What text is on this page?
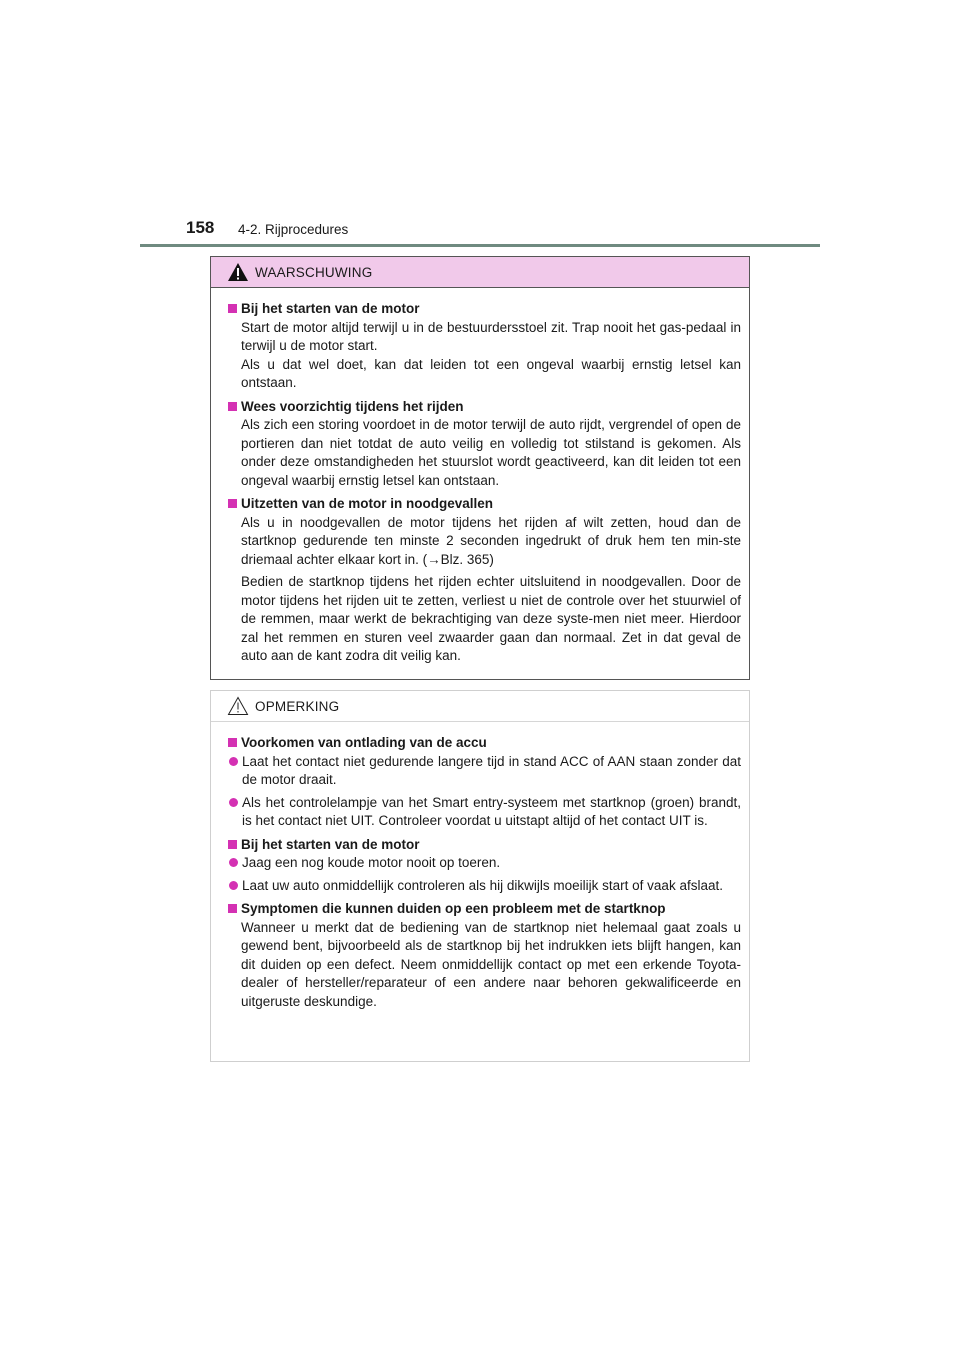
158 4-2. Rijprocedures
WAARSCHUWING
Bij het starten van de motor
Start de motor altijd terwijl u in de bestuurdersstoel zit. Trap nooit het gas-pedaal in terwijl u de motor start.
Als u dat wel doet, kan dat leiden tot een ongeval waarbij ernstig letsel kan ontstaan.
Wees voorzichtig tijdens het rijden
Als zich een storing voordoet in de motor terwijl de auto rijdt, vergrendel of open de portieren dan niet totdat de auto veilig en volledig tot stilstand is gekomen. Als onder deze omstandigheden het stuurslot wordt geactiveerd, kan dit leiden tot een ongeval waarbij ernstig letsel kan ontstaan.
Uitzetten van de motor in noodgevallen
Als u in noodgevallen de motor tijdens het rijden af wilt zetten, houd dan de startknop gedurende ten minste 2 seconden ingedrukt of druk hem ten min-ste driemaal achter elkaar kort in. (→Blz. 365)
Bedien de startknop tijdens het rijden echter uitsluitend in noodgevallen. Door de motor tijdens het rijden uit te zetten, verliest u niet de controle over het stuurwiel of de remmen, maar werkt de bekrachtiging van deze syste-men niet meer. Hierdoor zal het remmen en sturen veel zwaarder gaan dan normaal. Zet in dat geval de auto aan de kant zodra dit veilig kan.
OPMERKING
Voorkomen van ontlading van de accu
Laat het contact niet gedurende langere tijd in stand ACC of AAN staan zonder dat de motor draait.
Als het controlelampje van het Smart entry-systeem met startknop (groen) brandt, is het contact niet UIT. Controleer voordat u uitstapt altijd of het contact UIT is.
Bij het starten van de motor
Jaag een nog koude motor nooit op toeren.
Laat uw auto onmiddellijk controleren als hij dikwijls moeilijk start of vaak afslaat.
Symptomen die kunnen duiden op een probleem met de startknop
Wanneer u merkt dat de bediening van de startknop niet helemaal gaat zoals u gewend bent, bijvoorbeeld als de startknop bij het indrukken iets blijft hangen, kan dit duiden op een defect. Neem onmiddellijk contact op met een erkende Toyota-dealer of hersteller/reparateur of een andere naar behoren gekwalificeerde en uitgeruste deskundige.
